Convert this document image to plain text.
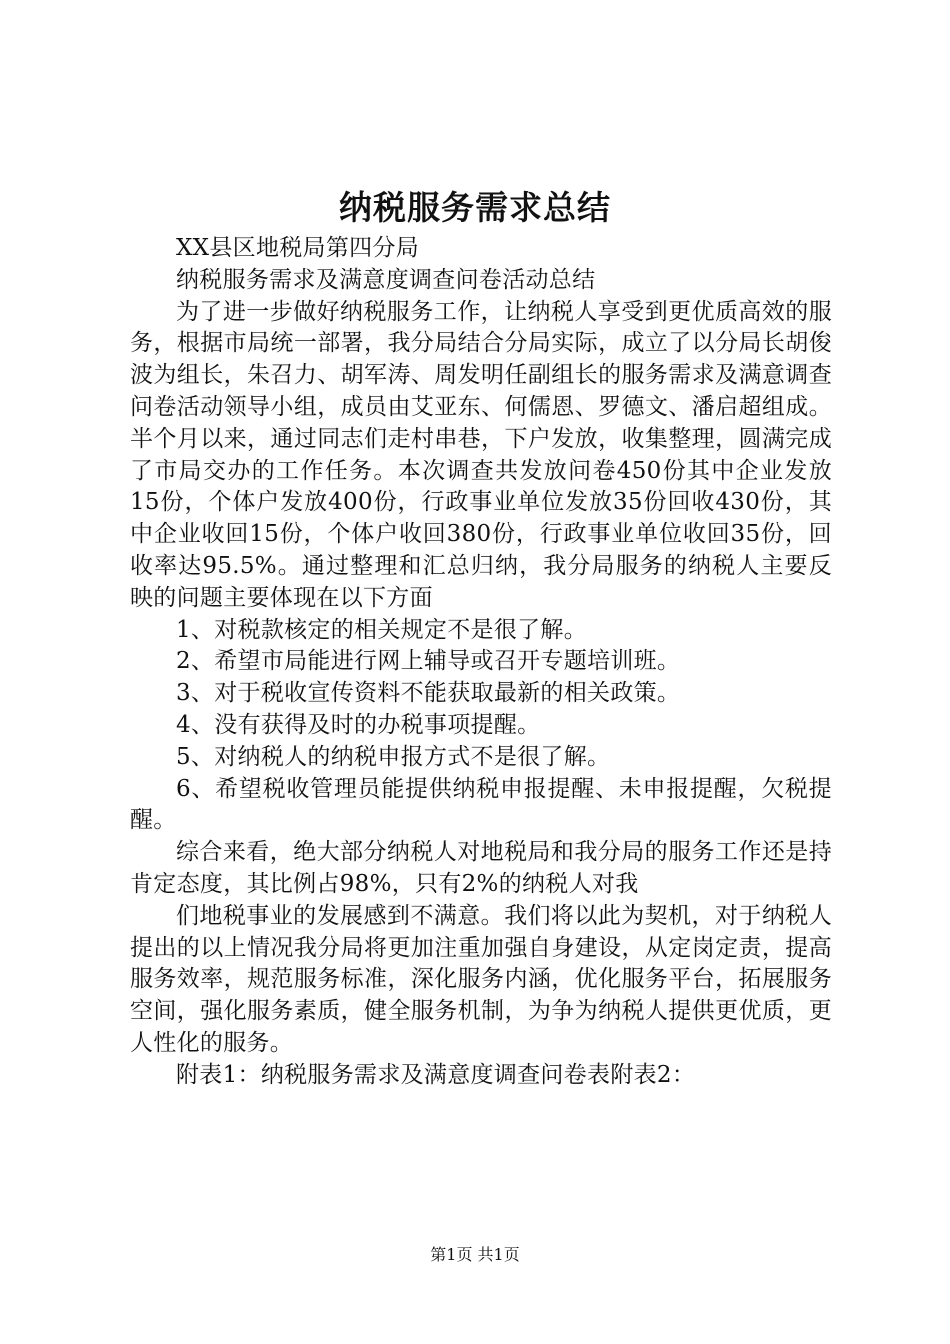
纳税服务需求总结

XX县区地税局第四分局

纳税服务需求及满意度调查问卷活动总结

为了进一步做好纳税服务工作，让纳税人享受到更优质高效的服务，根据市局统一部署，我分局结合分局实际，成立了以分局长胡俊波为组长，朱召力、胡军涛、周发明任副组长的服务需求及满意调查问卷活动领导小组，成员由艾亚东、何儒恩、罗德文、潘启超组成。半个月以来，通过同志们走村串巷，下户发放，收集整理，圆满完成了市局交办的工作任务。本次调查共发放问卷450份其中企业发放15份，个体户发放400份，行政事业单位发放35份回收430份，其中企业收回15份，个体户收回380份，行政事业单位收回35份，回收率达95.5%。通过整理和汇总归纳，我分局服务的纳税人主要反映的问题主要体现在以下方面

1、对税款核定的相关规定不是很了解。

2、希望市局能进行网上辅导或召开专题培训班。

3、对于税收宣传资料不能获取最新的相关政策。

4、没有获得及时的办税事项提醒。

5、对纳税人的纳税申报方式不是很了解。

6、希望税收管理员能提供纳税申报提醒、未申报提醒，欠税提醒。

综合来看，绝大部分纳税人对地税局和我分局的服务工作还是持肯定态度，其比例占98%，只有2%的纳税人对我

们地税事业的发展感到不满意。我们将以此为契机，对于纳税人提出的以上情况我分局将更加注重加强自身建设，从定岗定责，提高服务效率，规范服务标准，深化服务内涵，优化服务平台，拓展服务空间，强化服务素质，健全服务机制，为争为纳税人提供更优质，更人性化的服务。

附表1：纳税服务需求及满意度调查问卷表附表2：

第1页 共1页
